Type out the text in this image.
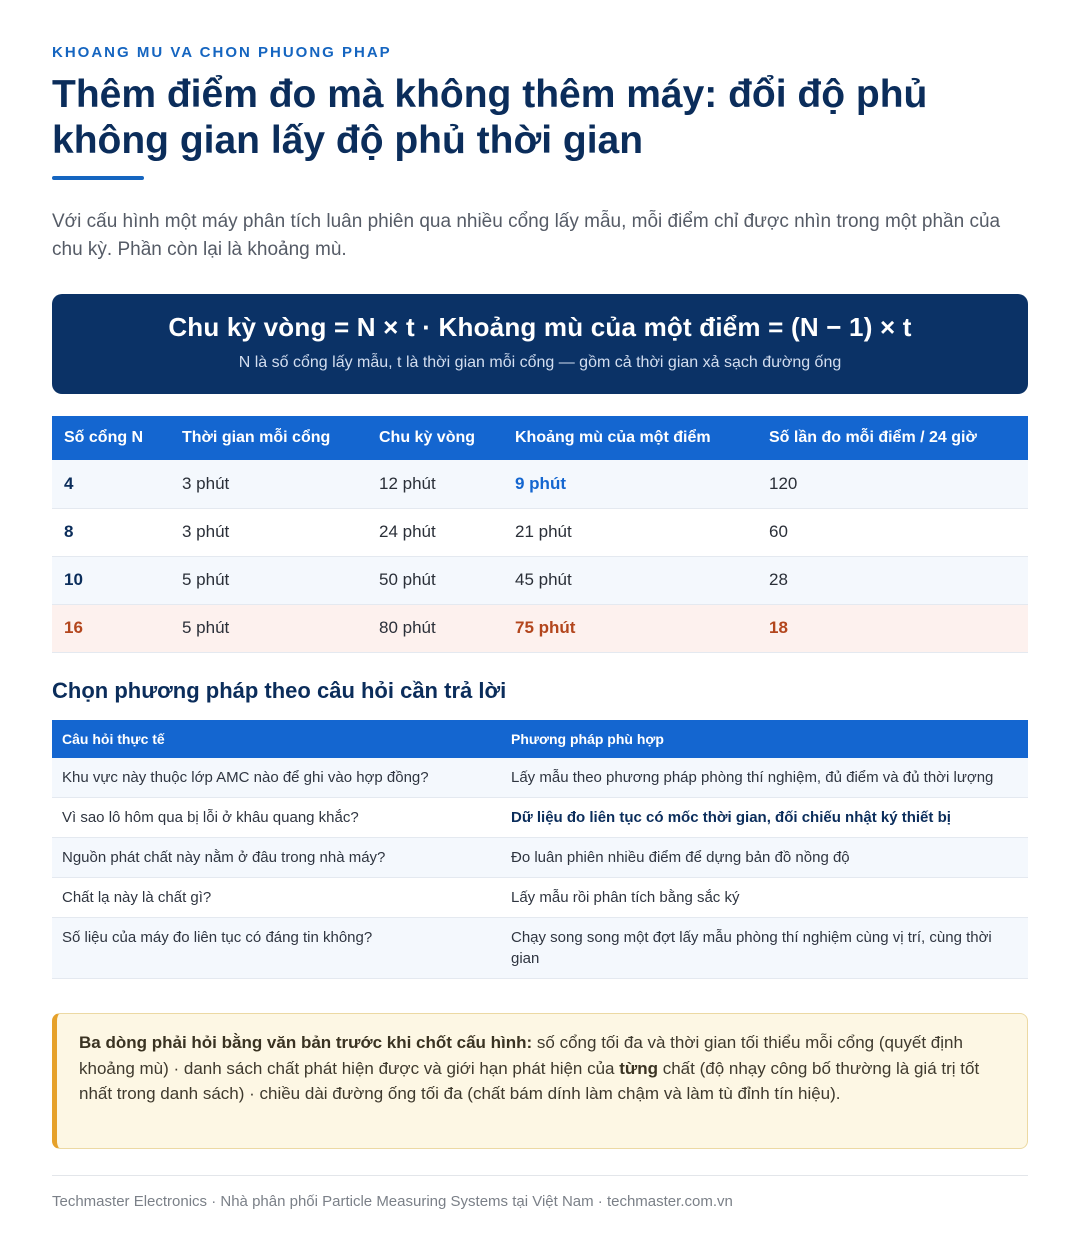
KHOANG MU VA CHON PHUONG PHAP
Thêm điểm đo mà không thêm máy: đổi độ phủ không gian lấy độ phủ thời gian

Với cấu hình một máy phân tích luân phiên qua nhiều cổng lấy mẫu, mỗi điểm chỉ được nhìn trong một phần của chu kỳ. Phần còn lại là khoảng mù.

Chu kỳ vòng = N × t · Khoảng mù của một điểm = (N − 1) × t
N là số cổng lấy mẫu, t là thời gian mỗi cổng — gồm cả thời gian xả sạch đường ống
Số cổng N	Thời gian mỗi cổng	Chu kỳ vòng	Khoảng mù của một điểm	Số lần đo mỗi điểm / 24 giờ
4	3 phút	12 phút	9 phút	120
8	3 phút	24 phút	21 phút	60
10	5 phút	50 phút	45 phút	28
16	5 phút	80 phút	75 phút	18
Chọn phương pháp theo câu hỏi cần trả lời
Câu hỏi thực tế	Phương pháp phù hợp
Khu vực này thuộc lớp AMC nào để ghi vào hợp đồng?	Lấy mẫu theo phương pháp phòng thí nghiệm, đủ điểm và đủ thời lượng
Vì sao lô hôm qua bị lỗi ở khâu quang khắc?	Dữ liệu đo liên tục có mốc thời gian, đối chiếu nhật ký thiết bị
Nguồn phát chất này nằm ở đâu trong nhà máy?	Đo luân phiên nhiều điểm để dựng bản đồ nồng độ
Chất lạ này là chất gì?	Lấy mẫu rồi phân tích bằng sắc ký
Số liệu của máy đo liên tục có đáng tin không?	Chạy song song một đợt lấy mẫu phòng thí nghiệm cùng vị trí, cùng thời gian
Ba dòng phải hỏi bằng văn bản trước khi chốt cấu hình: số cổng tối đa và thời gian tối thiểu mỗi cổng (quyết định khoảng mù) · danh sách chất phát hiện được và giới hạn phát hiện của từng chất (độ nhạy công bố thường là giá trị tốt nhất trong danh sách) · chiều dài đường ống tối đa (chất bám dính làm chậm và làm tù đỉnh tín hiệu).
Techmaster Electronics · Nhà phân phối Particle Measuring Systems tại Việt Nam · techmaster.com.vn
